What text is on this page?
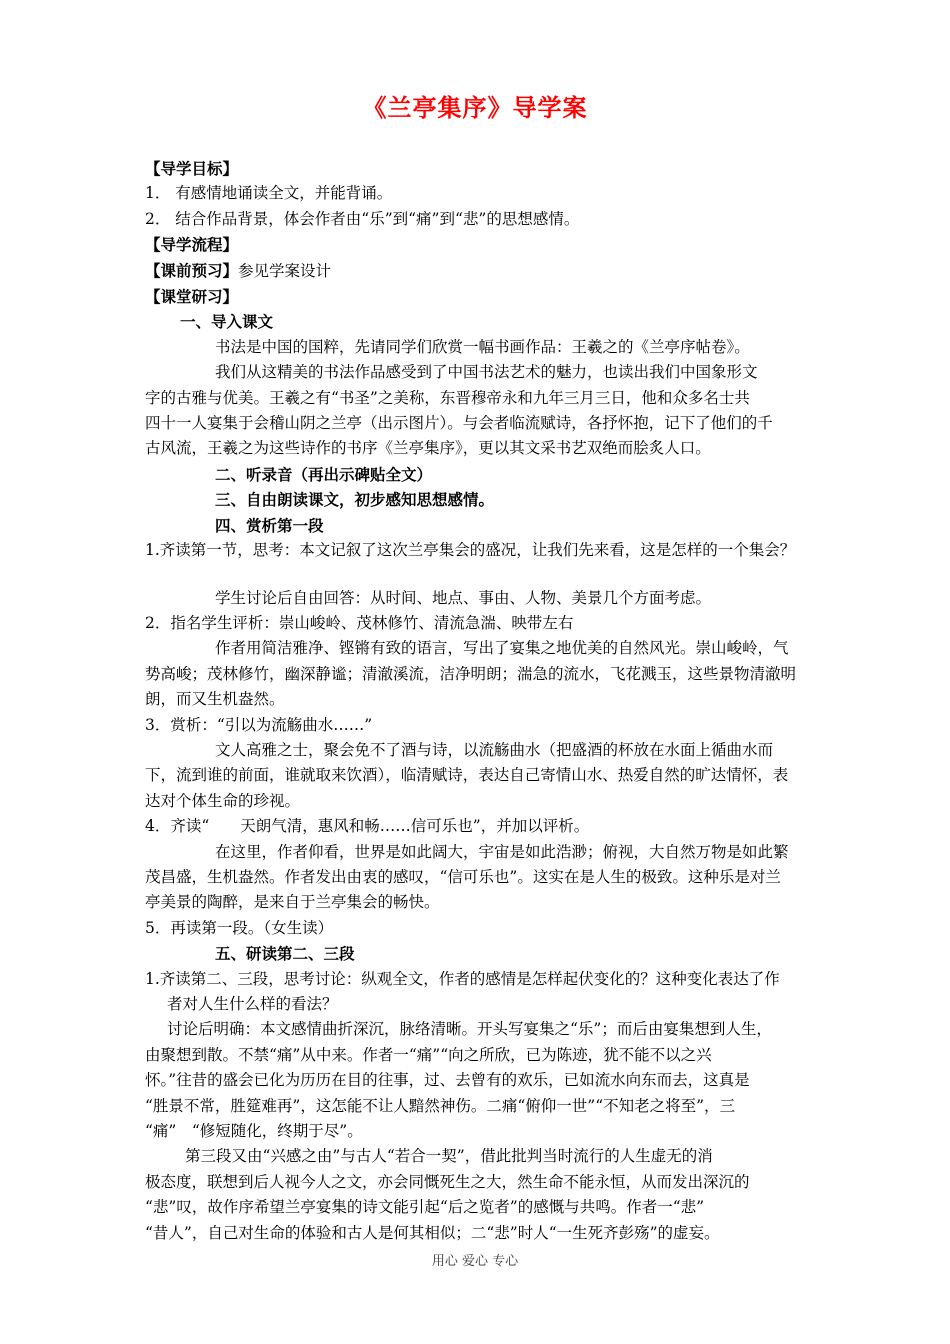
《兰亭集序》导学案

【导学目标】

1． 有感情地诵读全文，并能背诵。

2． 结合作品背景，体会作者由“乐”到“痛”到“悲”的思想感情。

【导学流程】

【课前预习】参见学案设计

【课堂研习】

一、导入课文

书法是中国的国粹，先请同学们欣赏一幅书画作品：王羲之的《兰亭序帖卷》。

我们从这精美的书法作品感受到了中国书法艺术的魅力，也读出我们中国象形文

字的古雅与优美。王羲之有“书圣”之美称，东晋穆帝永和九年三月三日，他和众多名士共

四十一人宴集于会稽山阴之兰亭（出示图片）。与会者临流赋诗，各抒怀抱，记下了他们的千

古风流，王羲之为这些诗作的书序《兰亭集序》，更以其文采书艺双绝而脍炙人口。

二、听录音（再出示碑贴全文）

三、自由朗读课文，初步感知思想感情。

四、赏析第一段

1.齐读第一节，思考：本文记叙了这次兰亭集会的盛况，让我们先来看，这是怎样的一个集会？

学生讨论后自由回答：从时间、地点、事由、人物、美景几个方面考虑。

2．指名学生评析：崇山峻岭、茂林修竹、清流急湍、映带左右

作者用简洁雅净、铿锵有致的语言，写出了宴集之地优美的自然风光。崇山峻岭，气

势高峻；茂林修竹，幽深静谧；清澈溪流，洁净明朗；湍急的流水，飞花溅玉，这些景物清澈明

朗，而又生机盎然。

3．赏析：“引以为流觞曲水……”

文人高雅之士，聚会免不了酒与诗，以流觞曲水（把盛酒的杯放在水面上循曲水而

下，流到谁的前面，谁就取来饮酒），临清赋诗，表达自己寄情山水、热爱自然的旷达情怀，表

达对个体生命的珍视。

4．齐读“　　天朗气清，惠风和畅……信可乐也”，并加以评析。

在这里，作者仰看，世界是如此阔大，宇宙是如此浩渺；俯视，大自然万物是如此繁

茂昌盛，生机盎然。作者发出由衷的感叹，“信可乐也”。这实在是人生的极致。这种乐是对兰

亭美景的陶醉，是来自于兰亭集会的畅快。

5．再读第一段。（女生读）

五、研读第二、三段

1.齐读第二、三段，思考讨论：纵观全文，作者的感情是怎样起伏变化的？这种变化表达了作

者对人生什么样的看法？

讨论后明确：本文感情曲折深沉，脉络清晰。开头写宴集之“乐”；而后由宴集想到人生，

由聚想到散。不禁“痛”从中来。作者一“痛”“向之所欣，已为陈迹，犹不能不以之兴

怀。”往昔的盛会已化为历历在目的往事，过、去曾有的欢乐，已如流水向东而去，这真是

“胜景不常，胜筵难再”，这怎能不让人黯然神伤。二痛“俯仰一世”“不知老之将至”，三

“痛”　“修短随化，终期于尽”。

第三段又由“兴感之由”与古人“若合一契”，借此批判当时流行的人生虚无的消

极态度，联想到后人视今人之文，亦会同慨死生之大，然生命不能永恒，从而发出深沉的

“悲”叹，故作序希望兰亭宴集的诗文能引起“后之览者”的感慨与共鸣。作者一“悲”

“昔人”，自己对生命的体验和古人是何其相似；二“悲”时人“一生死齐彭殇”的虚妄。

用心 爱心 专心
